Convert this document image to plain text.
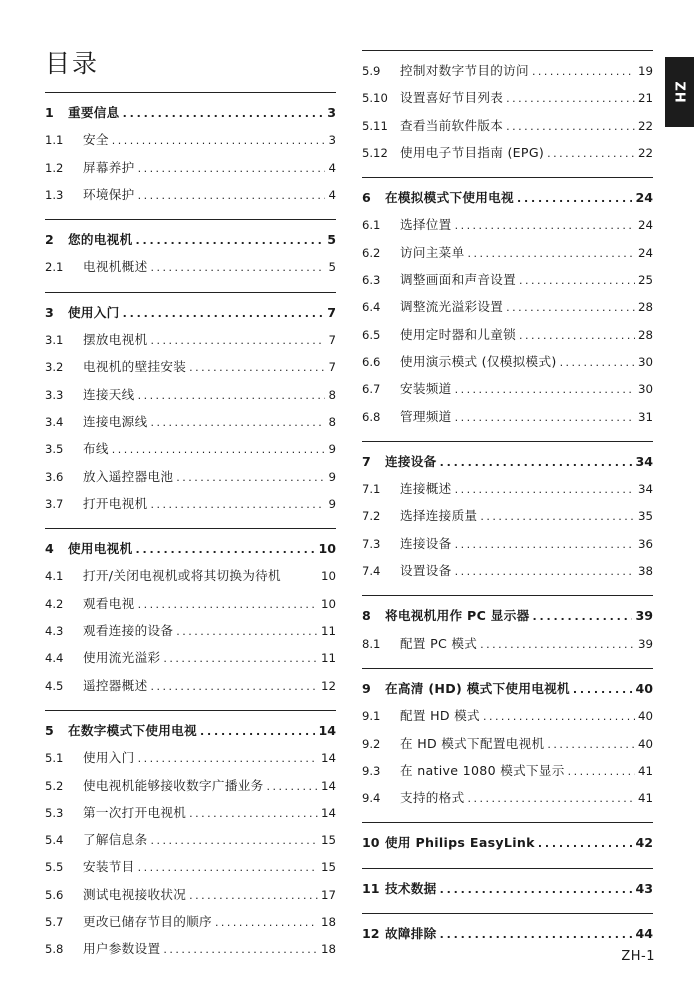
目录
1	重要信息 . . .	3
1.1	安全 . . .	3
1.2	屏幕养护 . . .	4
1.3	环境保护 . . .	4
2	您的电视机 . . .	5
2.1	电视机概述 . . .	5
3	使用入门 . . .	7
3.1	摆放电视机 . . .	7
3.2	电视机的壁挂安装 . . .	7
3.3	连接天线 . . .	8
3.4	连接电源线 . . .	8
3.5	布线 . . .	9
3.6	放入遥控器电池 . . .	9
3.7	打开电视机 . . .	9
4	使用电视机 . . .	10
4.1	打开/关闭电视机或将其切换为待机	10
4.2	观看电视 . . .	10
4.3	观看连接的设备 . . .	11
4.4	使用流光溢彩 . . .	11
4.5	遥控器概述 . . .	12
5	在数字模式下使用电视 . . .	14
5.1	使用入门 . . .	14
5.2	使电视机能够接收数字广播业务 . . .	14
5.3	第一次打开电视机 . . .	14
5.4	了解信息条 . . .	15
5.5	安装节目 . . .	15
5.6	测试电视接收状况 . . .	17
5.7	更改已储存节目的顺序 . . .	18
5.8	用户参数设置 . . .	18
5.9	控制对数字节目的访问 . . .	19
5.10 设置喜好节目列表 . . .	21
5.11 查看当前软件版本 . . .	22
5.12 使用电子节目指南 (EPG) . . .	22
6	在模拟模式下使用电视 . . .	24
6.1	选择位置 . . .	24
6.2	访问主菜单 . . .	24
6.3	调整画面和声音设置 . . .	25
6.4	调整流光溢彩设置 . . .	28
6.5	使用定时器和儿童锁 . . .	28
6.6	使用演示模式 (仅模拟模式) . . .	30
6.7	安装频道 . . .	30
6.8	管理频道 . . .	31
7	连接设备 . . .	34
7.1	连接概述 . . .	34
7.2	选择连接质量 . . .	35
7.3	连接设备 . . .	36
7.4	设置设备 . . .	38
8	将电视机用作 PC 显示器 . . .	39
8.1	配置 PC 模式 . . .	39
9	在高清 (HD) 模式下使用电视机 . . .	40
9.1	配置 HD 模式 . . .	40
9.2	在 HD 模式下配置电视机 . . .	40
9.3	在 native 1080 模式下显示 . . .	41
9.4	支持的格式 . . .	41
10 使用 Philips EasyLink . . .	42
11 技术数据 . . .	43
12 故障排除 . . .	44
ZH
ZH-1
